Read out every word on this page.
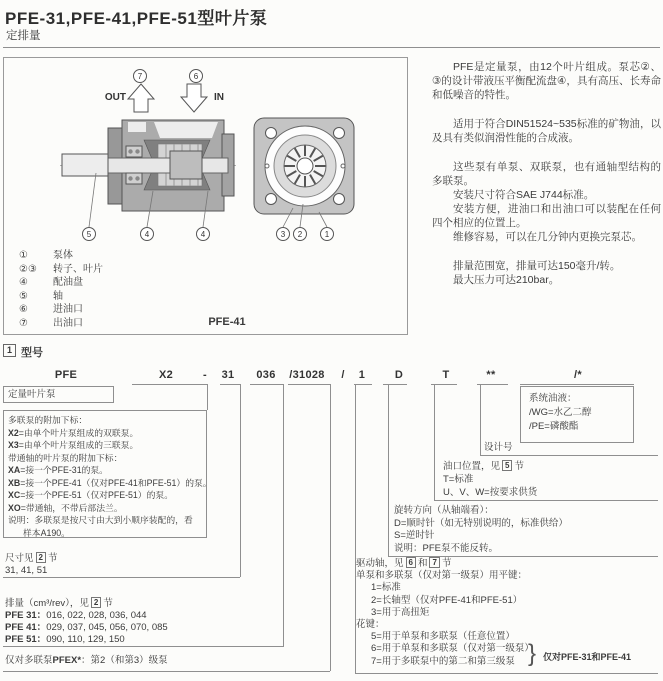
PFE-31,PFE-41,PFE-51型叶片泵
定排量
7	6
OUT	IN
5	4	4	3 2	1
①	泵体
②③ 转子、叶片
④	配油盘
⑤	轴
⑥	进油口
⑦	出油口	PFE-41

PFE是定量泵，由12个叶片组成。泵芯②、③的设计带液压平衡配流盘④，具有高压、长寿命和低噪音的特性。

适用于符合DIN51524~535标准的矿物油，以及具有类似润滑性能的合成液。

这些泵有单泵、双联泵，也有通轴型结构的多联泵。

安装尺寸符合SAE J744标准。

安装方便，进油口和出油口可以装配在任何四个相应的位置上。

维修容易，可以在几分钟内更换完泵芯。

排量范围宽，排量可达150毫升/转。

最大压力可达210bar。

1 型号
PFE	X2	- 31 036 /31028 / 1	D	T	**	/*
定量叶片泵
多联泵的附加下标：
X2=由单个叶片泵组成的双联泵。
X3=由单个叶片泵组成的三联泵。
带通轴的叶片泵的附加下标：
XA=接一个PFE-31的泵。
XB=接一个PFE-41（仅对PFE-41和PFE-51）的泵。
XC=接一个PFE-51（仅对PFE-51）的泵。
XO=带通轴，不带后部法兰。
说明：多联泵是按尺寸由大到小顺序装配的，看
样本A190。
尺寸见 2 节
31, 41, 51
排量（cm³/rev），见 2 节
PFE 31：016, 022, 028, 036, 044
PFE 41：029, 037, 045, 056, 070, 085
PFE 51：090, 110, 129, 150
仅对多联泵PFEX*：第2（和第3）级泵
系统油液：
/WG=水乙二醇
/PE=磷酸酯
设计号
油口位置，见 5 节
T=标准
U、V、W=按要求供货
旋转方向（从轴端看）：
D=顺时针（如无特别说明的，标准供给）
S=逆时针
说明：PFE泵不能反转。
驱动轴，见 6 和 7 节
单泵和多联泵（仅对第一级泵）用平键：
1=标准
2=长轴型（仅对PFE-41和PFE-51）
3=用于高扭矩
花键：
5=用于单泵和多联泵（任意位置）
6=用于单泵和多联泵（仅对第一级泵）
7=用于多联泵中的第二和第三级泵 } 仅对PFE-31和PFE-41
